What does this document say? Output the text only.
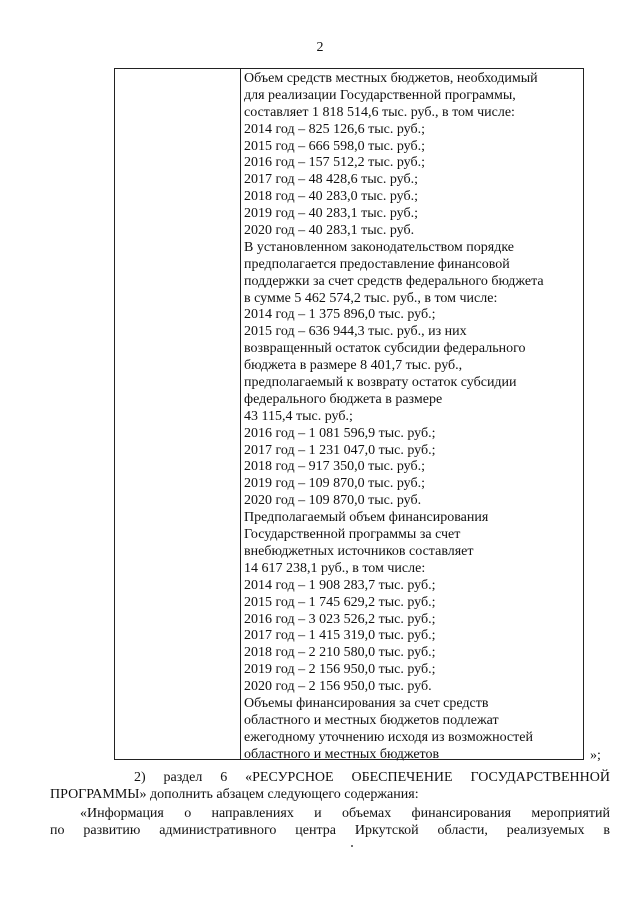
2
Объем средств местных бюджетов, необходимый
для реализации Государственной программы,
составляет 1 818 514,6 тыс. руб., в том числе:
2014 год – 825 126,6 тыс. руб.;
2015 год – 666 598,0 тыс. руб.;
2016 год – 157 512,2 тыс. руб.;
2017 год – 48 428,6 тыс. руб.;
2018 год – 40 283,0 тыс. руб.;
2019 год – 40 283,1 тыс. руб.;
2020 год – 40 283,1 тыс. руб.
В установленном законодательством порядке
предполагается предоставление финансовой
поддержки за счет средств федерального бюджета
в сумме 5 462 574,2 тыс. руб., в том числе:
2014 год – 1 375 896,0 тыс. руб.;
2015 год – 636 944,3 тыс. руб., из них
возвращенный остаток субсидии федерального
бюджета в размере 8 401,7 тыс. руб.,
предполагаемый к возврату остаток субсидии
федерального бюджета в размере
43 115,4 тыс. руб.;
2016 год – 1 081 596,9 тыс. руб.;
2017 год – 1 231 047,0 тыс. руб.;
2018 год – 917 350,0 тыс. руб.;
2019 год – 109 870,0 тыс. руб.;
2020 год – 109 870,0 тыс. руб.
Предполагаемый объем финансирования
Государственной программы за счет
внебюджетных источников составляет
14 617 238,1 руб., в том числе:
2014 год – 1 908 283,7 тыс. руб.;
2015 год – 1 745 629,2 тыс. руб.;
2016 год – 3 023 526,2 тыс. руб.;
2017 год – 1 415 319,0 тыс. руб.;
2018 год – 2 210 580,0 тыс. руб.;
2019 год – 2 156 950,0 тыс. руб.;
2020 год – 2 156 950,0 тыс. руб.
Объемы финансирования за счет средств
областного и местных бюджетов подлежат
ежегодному уточнению исходя из возможностей
областного и местных бюджетов	»;
2) раздел 6 «РЕСУРСНОЕ ОБЕСПЕЧЕНИЕ ГОСУДАРСТВЕННОЙ
ПРОГРАММЫ» дополнить абзацем следующего содержания:
«Информация о направлениях и объемах финансирования мероприятий
по развитию административного центра Иркутской области, реализуемых в
